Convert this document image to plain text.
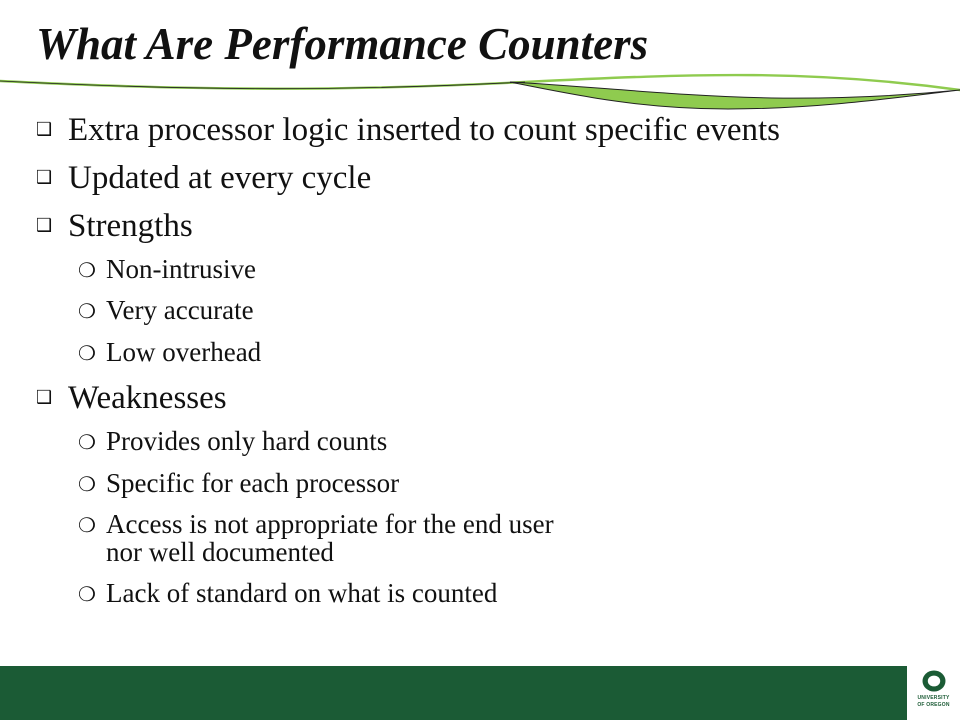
What Are Performance Counters
❑ Extra processor logic inserted to count specific events
❑ Updated at every cycle
❑ Strengths
❍ Non-intrusive
❍ Very accurate
❍ Low overhead
❑ Weaknesses
❍ Provides only hard counts
❍ Specific for each processor
❍ Access is not appropriate for the end user
nor well documented
❍ Lack of standard on what is counted
UNIVERSITY
OF OREGON
